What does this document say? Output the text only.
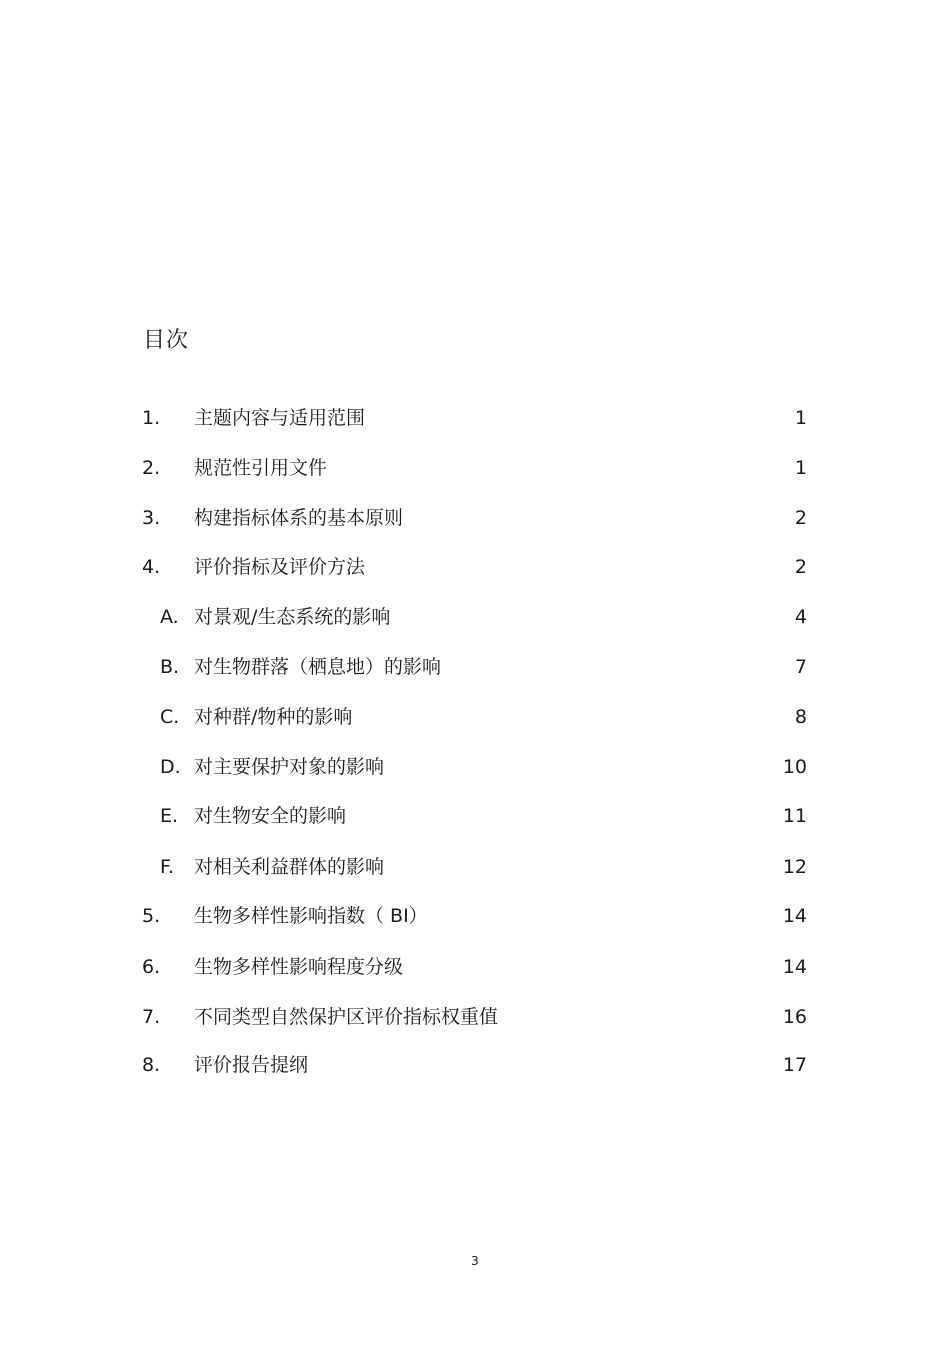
目次
1. 主题内容与适用范围	1
2. 规范性引用文件	1
3. 构建指标体系的基本原则	2
4. 评价指标及评价方法	2
A. 对景观/生态系统的影响	4
B. 对生物群落（栖息地）的影响	7
C. 对种群/物种的影响	8
D. 对主要保护对象的影响	10
E. 对生物安全的影响	11
F. 对相关利益群体的影响	12
5. 生物多样性影响指数（ BI）	14
6. 生物多样性影响程度分级	14
7. 不同类型自然保护区评价指标权重值	16
8. 评价报告提纲	17
3
